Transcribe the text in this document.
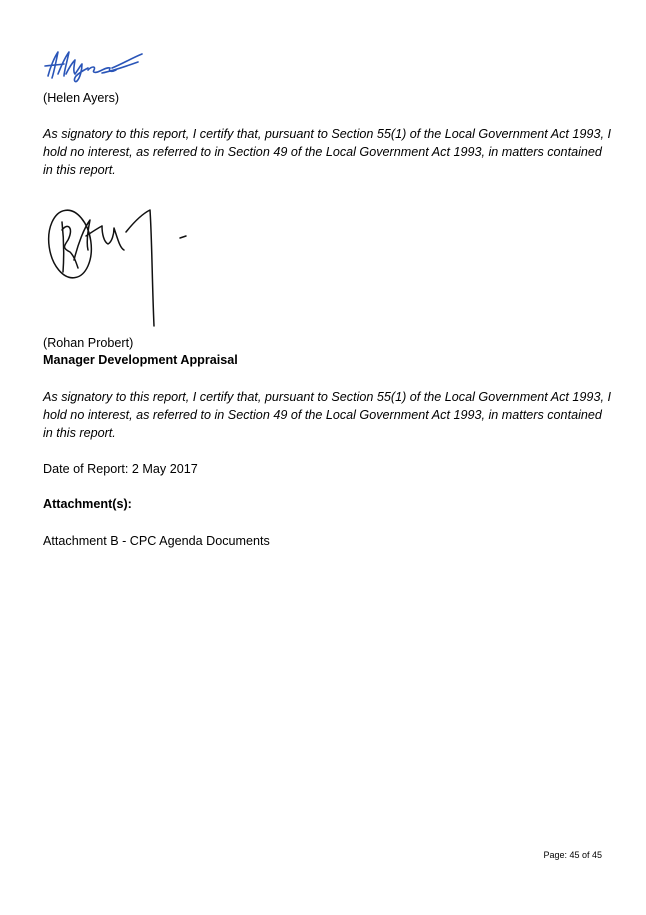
(Helen Ayers)
As signatory to this report, I certify that, pursuant to Section 55(1) of the Local Government Act 1993, I hold no interest, as referred to in Section 49 of the Local Government Act 1993, in matters contained in this report.
(Rohan Probert)
Manager Development Appraisal
As signatory to this report, I certify that, pursuant to Section 55(1) of the Local Government Act 1993, I hold no interest, as referred to in Section 49 of the Local Government Act 1993, in matters contained in this report.
Date of Report: 2 May 2017
Attachment(s):
Attachment B - CPC Agenda Documents
Page: 45 of 45
